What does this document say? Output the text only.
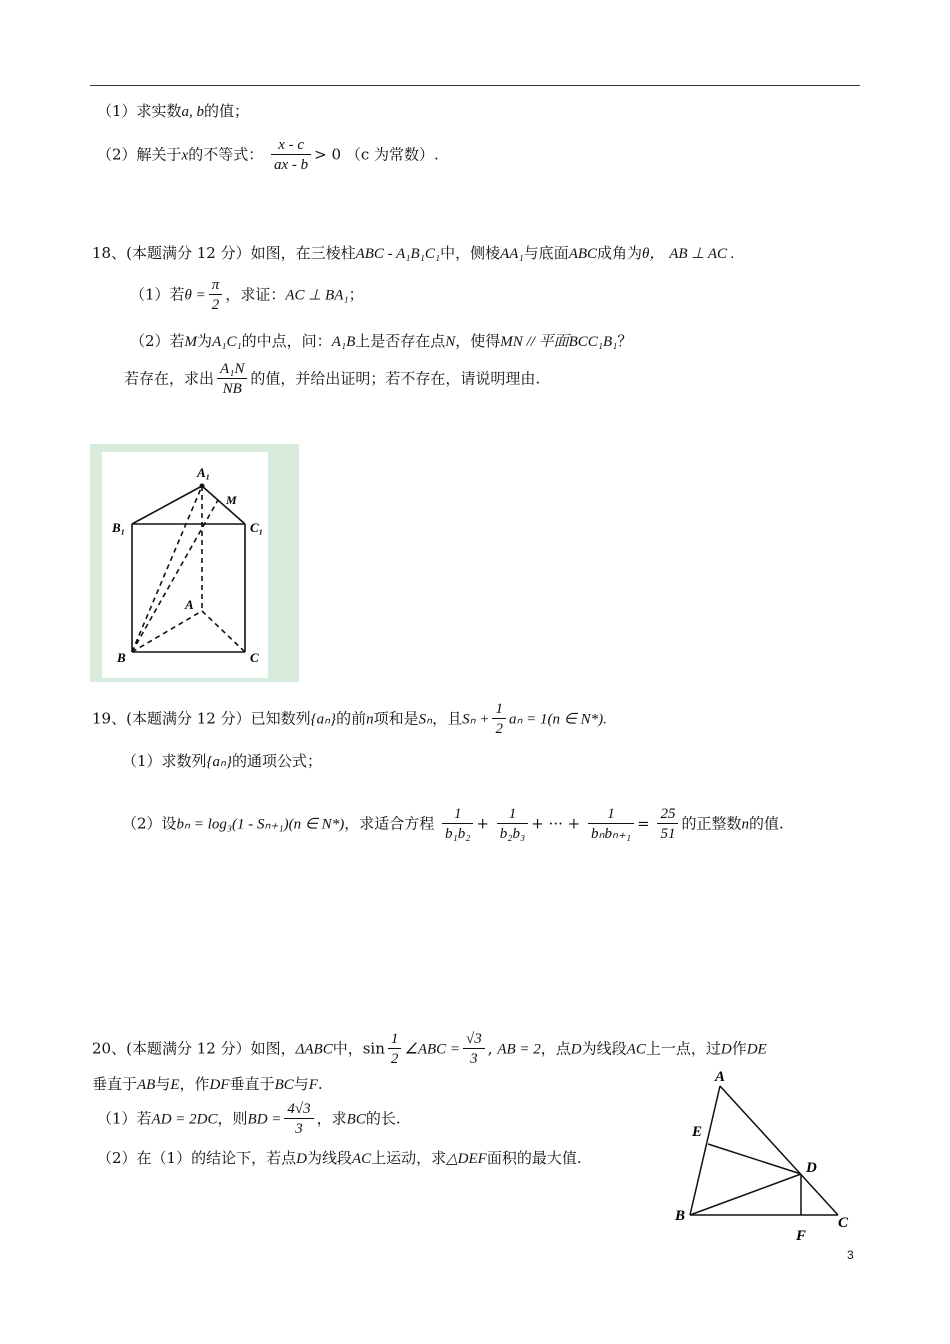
（1）求实数a, b的值；
（2）解关于x的不等式： $\frac{x - c}{ax - b} > 0$ （c 为常数）.
18、(本题满分 12 分）如图，在三棱柱ABC - A₁B₁C₁中，侧棱AA₁与底面ABC成角为θ， AB ⊥ AC .
（1）若$\theta = \frac{\pi}{2}$ ，求证：AC ⊥ BA₁；
（2）若M为A₁C₁的中点，问：A₁B上是否存在点N，使得MN // 平面BCC₁B₁？
若存在，求出 $\frac{\text{A₁N}}{NB}$ 的值，并给出证明；若不存在，请说明理由.
A₁
M
B₁	C₁
A
B	C
19、(本题满分 12 分）已知数列{aₙ}的前n项和是Sₙ，且$S_n + \frac{1}{2}$ aₙ = 1(n ∈ N*).
（1）求数列{aₙ}的通项公式；
（2）设bₙ = log₃(1 - Sₙ₊₁)(n ∈ N*)，求适合方程 $\frac{1}{\text{b₁b₂}} + \frac{1}{\text{b₂b₃}}$ + ··· + $\frac{1}{\text{bₙbₙ₊₁}} = \frac{25}{51}$ 的正整数n的值.
20、(本题满分 12 分）如图，ΔABC中，$\sin \frac{1}{2}$ ∠ABC = $\frac{√3}{3}$ , AB = 2，点D为线段AC上一点，过D作DE
垂直于AB与E，作DF垂直于BC与F.
（1）若AD = 2DC，则BD = $\frac{4√3}{3}$ ，求BC的长.
（2）在（1）的结论下，若点D为线段AC上运动，求△DEF面积的最大值.
A
E
D
B
F
C
3
